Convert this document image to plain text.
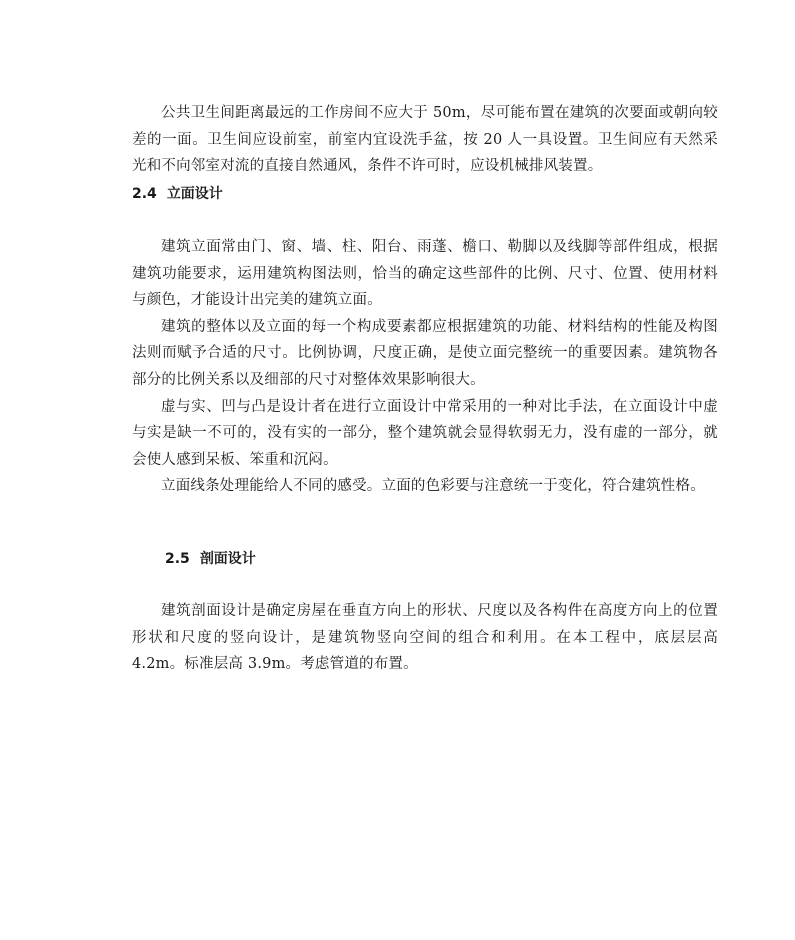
公共卫生间距离最远的工作房间不应大于 50m，尽可能布置在建筑的次要面或朝向较差的一面。卫生间应设前室，前室内宜设洗手盆，按 20 人一具设置。卫生间应有天然采光和不向邻室对流的直接自然通风，条件不许可时，应设机械排风装置。

2.4 立面设计

建筑立面常由门、窗、墙、柱、阳台、雨蓬、檐口、勒脚以及线脚等部件组成，根据建筑功能要求，运用建筑构图法则，恰当的确定这些部件的比例、尺寸、位置、使用材料与颜色，才能设计出完美的建筑立面。

建筑的整体以及立面的每一个构成要素都应根据建筑的功能、材料结构的性能及构图法则而赋予合适的尺寸。比例协调，尺度正确，是使立面完整统一的重要因素。建筑物各部分的比例关系以及细部的尺寸对整体效果影响很大。

虚与实、凹与凸是设计者在进行立面设计中常采用的一种对比手法，在立面设计中虚与实是缺一不可的，没有实的一部分，整个建筑就会显得软弱无力，没有虚的一部分，就会使人感到呆板、笨重和沉闷。

立面线条处理能给人不同的感受。立面的色彩要与注意统一于变化，符合建筑性格。

2.5 剖面设计

建筑剖面设计是确定房屋在垂直方向上的形状、尺度以及各构件在高度方向上的位置形状和尺度的竖向设计，是建筑物竖向空间的组合和利用。在本工程中，底层层高 4.2m。标准层高 3.9m。考虑管道的布置。
